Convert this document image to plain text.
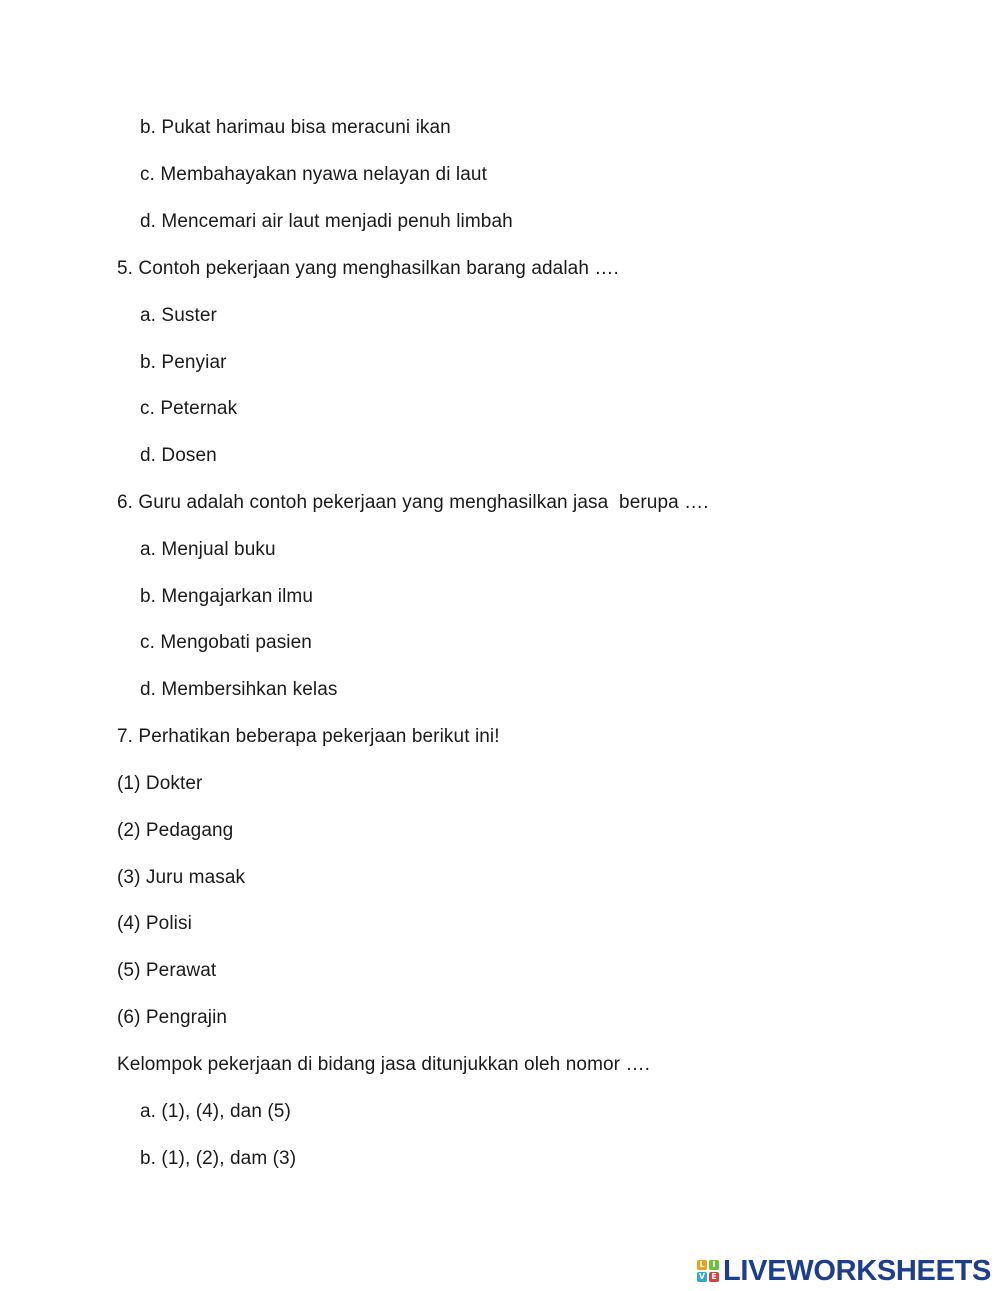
b. Pukat harimau bisa meracuni ikan
c. Membahayakan nyawa nelayan di laut
d. Mencemari air laut menjadi penuh limbah
5. Contoh pekerjaan yang menghasilkan barang adalah ….
a. Suster
b. Penyiar
c. Peternak
d. Dosen
6. Guru adalah contoh pekerjaan yang menghasilkan jasa  berupa ….
a. Menjual buku
b. Mengajarkan ilmu
c. Mengobati pasien
d. Membersihkan kelas
7. Perhatikan beberapa pekerjaan berikut ini!
(1) Dokter
(2) Pedagang
(3) Juru masak
(4) Polisi
(5) Perawat
(6) Pengrajin
Kelompok pekerjaan di bidang jasa ditunjukkan oleh nomor ….
a. (1), (4), dan (5)
b. (1), (2), dam (3)
L I
V E LIVEWORKSHEETS
